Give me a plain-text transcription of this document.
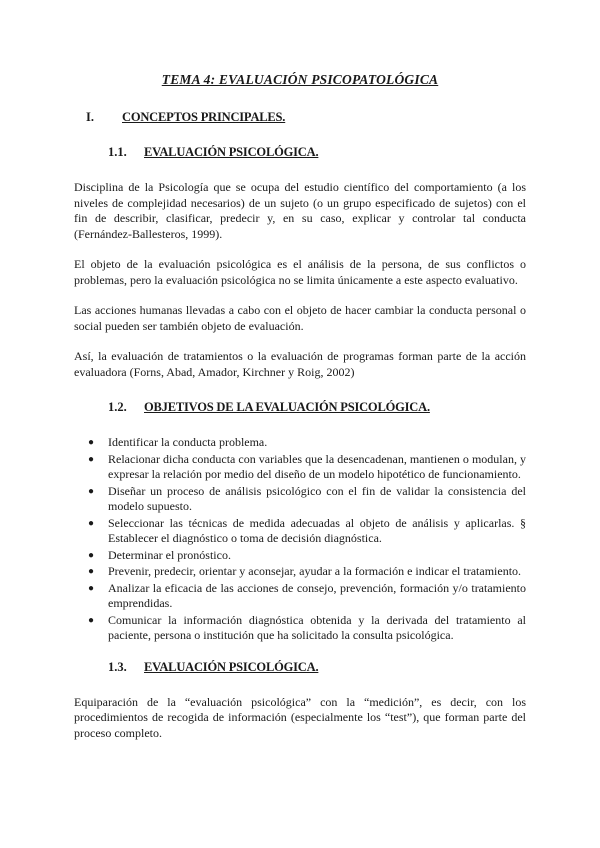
TEMA 4: EVALUACIÓN PSICOPATOLÓGICA
I.	CONCEPTOS PRINCIPALES.
1.1.	EVALUACIÓN PSICOLÓGICA.

Disciplina de la Psicología que se ocupa del estudio científico del comportamiento (a los niveles de complejidad necesarios) de un sujeto (o un grupo especificado de sujetos) con el fin de describir, clasificar, predecir y, en su caso, explicar y controlar tal conducta (Fernández-Ballesteros, 1999).

El objeto de la evaluación psicológica es el análisis de la persona, de sus conflictos o problemas, pero la evaluación psicológica no se limita únicamente a este aspecto evaluativo.

Las acciones humanas llevadas a cabo con el objeto de hacer cambiar la conducta personal o social pueden ser también objeto de evaluación.

Así, la evaluación de tratamientos o la evaluación de programas forman parte de la acción evaluadora (Forns, Abad, Amador, Kirchner y Roig, 2002)

1.2.	OBJETIVOS DE LA EVALUACIÓN PSICOLÓGICA.
● Identificar la conducta problema.
● Relacionar dicha conducta con variables que la desencadenan, mantienen o modulan, y expresar la relación por medio del diseño de un modelo hipotético de funcionamiento.
● Diseñar un proceso de análisis psicológico con el fin de validar la consistencia del modelo supuesto.
● Seleccionar las técnicas de medida adecuadas al objeto de análisis y aplicarlas. § Establecer el diagnóstico o toma de decisión diagnóstica.
● Determinar el pronóstico.
● Prevenir, predecir, orientar y aconsejar, ayudar a la formación e indicar el tratamiento.
● Analizar la eficacia de las acciones de consejo, prevención, formación y/o tratamiento emprendidas.
● Comunicar la información diagnóstica obtenida y la derivada del tratamiento al paciente, persona o institución que ha solicitado la consulta psicológica.
1.3.	EVALUACIÓN PSICOLÓGICA.

Equiparación de la “evaluación psicológica” con la “medición”, es decir, con los procedimientos de recogida de información (especialmente los “test”), que forman parte del proceso completo.
